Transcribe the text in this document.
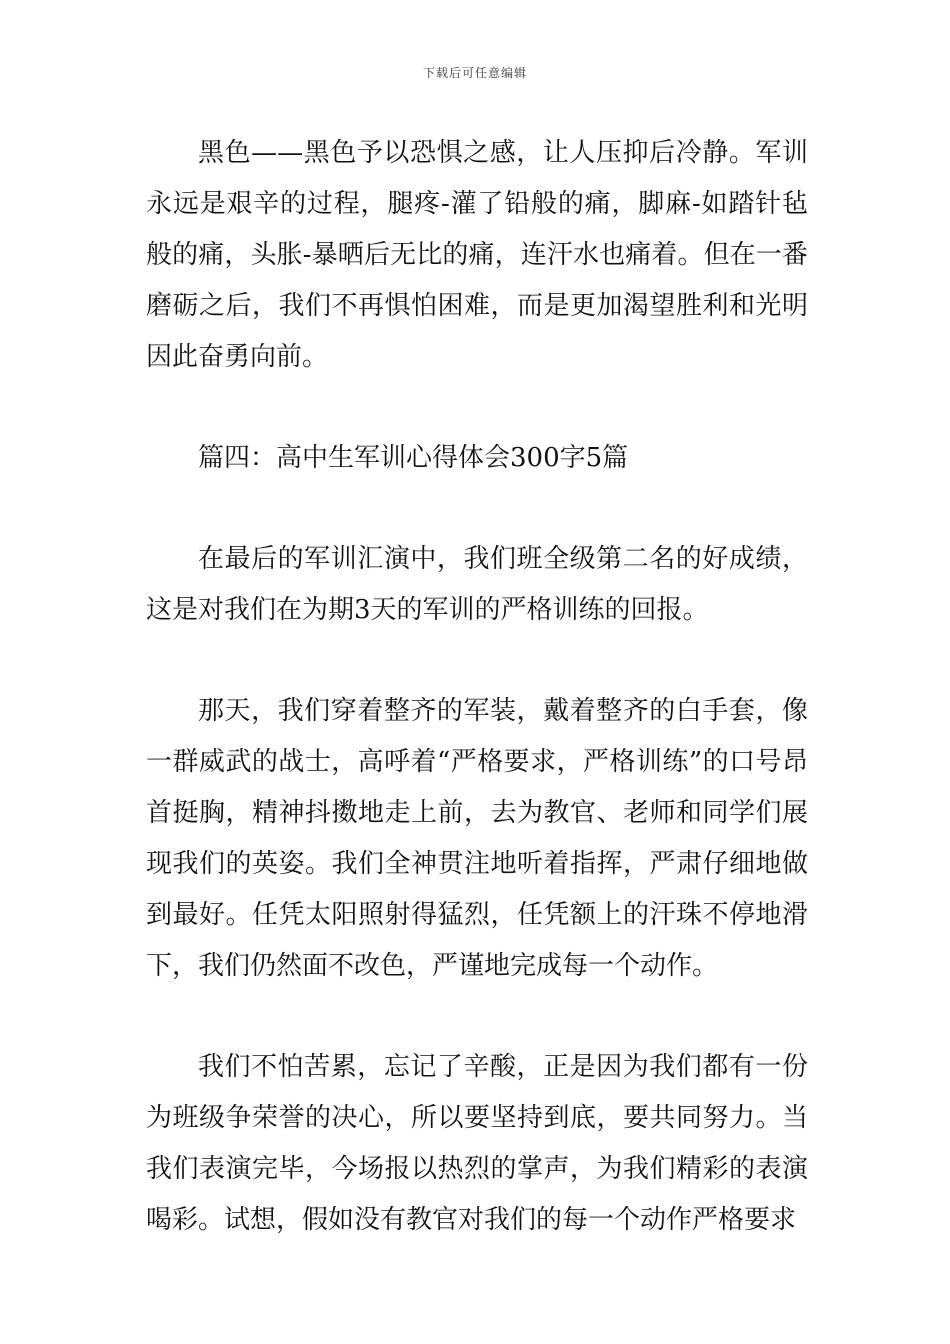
下载后可任意编辑

黑色——黑色予以恐惧之感，让人压抑后冷静。军训永远是艰辛的过程，腿疼-灌了铅般的痛，脚麻-如踏针毡般的痛，头胀-暴晒后无比的痛，连汗水也痛着。但在一番磨砺之后，我们不再惧怕困难，而是更加渴望胜利和光明因此奋勇向前。

篇四：高中生军训心得体会300字5篇

在最后的军训汇演中，我们班全级第二名的好成绩，这是对我们在为期3天的军训的严格训练的回报。

那天，我们穿着整齐的军装，戴着整齐的白手套，像一群威武的战士，高呼着“严格要求，严格训练”的口号昂首挺胸，精神抖擞地走上前，去为教官、老师和同学们展现我们的英姿。我们全神贯注地听着指挥，严肃仔细地做到最好。任凭太阳照射得猛烈，任凭额上的汗珠不停地滑下，我们仍然面不改色，严谨地完成每一个动作。

我们不怕苦累，忘记了辛酸，正是因为我们都有一份为班级争荣誉的决心，所以要坚持到底，要共同努力。当我们表演完毕，今场报以热烈的掌声，为我们精彩的表演喝彩。试想，假如没有教官对我们的每一个动作严格要求
